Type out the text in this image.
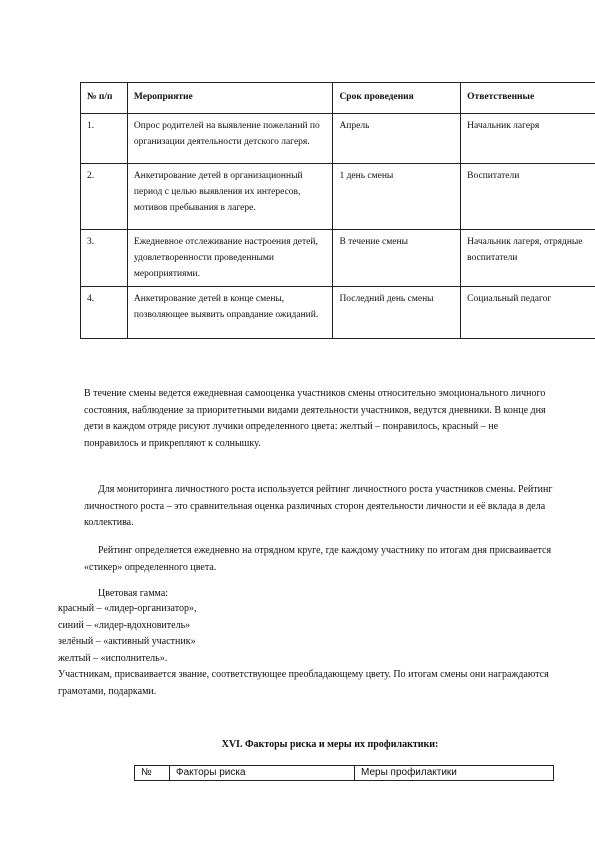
№ п/п	Мероприятие	Срок проведения	Ответственные
1.	Опрос родителей на выявление пожеланий по организации деятельности детского лагеря.	Апрель	Начальник лагеря
2.	Анкетирование детей в организационный период с целью выявления их интересов, мотивов пребывания в лагере.	1 день смены	Воспитатели
3.	Ежедневное отслеживание настроения детей, удовлетворенности проведенными мероприятиями.	В течение смены	Начальник лагеря, отрядные воспитатели
4.	Анкетирование детей в конце смены, позволяющее выявить оправдание ожиданий.	Последний день смены	Социальный педагог

В течение смены ведется ежедневная самооценка участников смены относительно эмоционального личного состояния, наблюдение за приоритетными видами деятельности участников, ведутся дневники. В конце дня дети в каждом отряде рисуют лучики определенного цвета: желтый – понравилось, красный – не понравилось и прикрепляют к солнышку.

Для мониторинга личностного роста используется рейтинг личностного роста участников смены. Рейтинг личностного роста – это сравнительная оценка различных сторон деятельности личности и её вклада в дела коллектива.

Рейтинг определяется ежедневно на отрядном круге, где каждому участнику по итогам дня присваивается «стикер» определенного цвета.

Цветовая гамма:

красный – «лидер-организатор»,

синий – «лидер-вдохновитель»

зелёный – «активный участник»

желтый – «исполнитель».

Участникам, присваивается звание, соответствующее преобладающему цвету. По итогам смены они награждаются грамотами, подарками.

XVI. Факторы риска и меры их профилактики:
№	Факторы риска	Меры профилактики
